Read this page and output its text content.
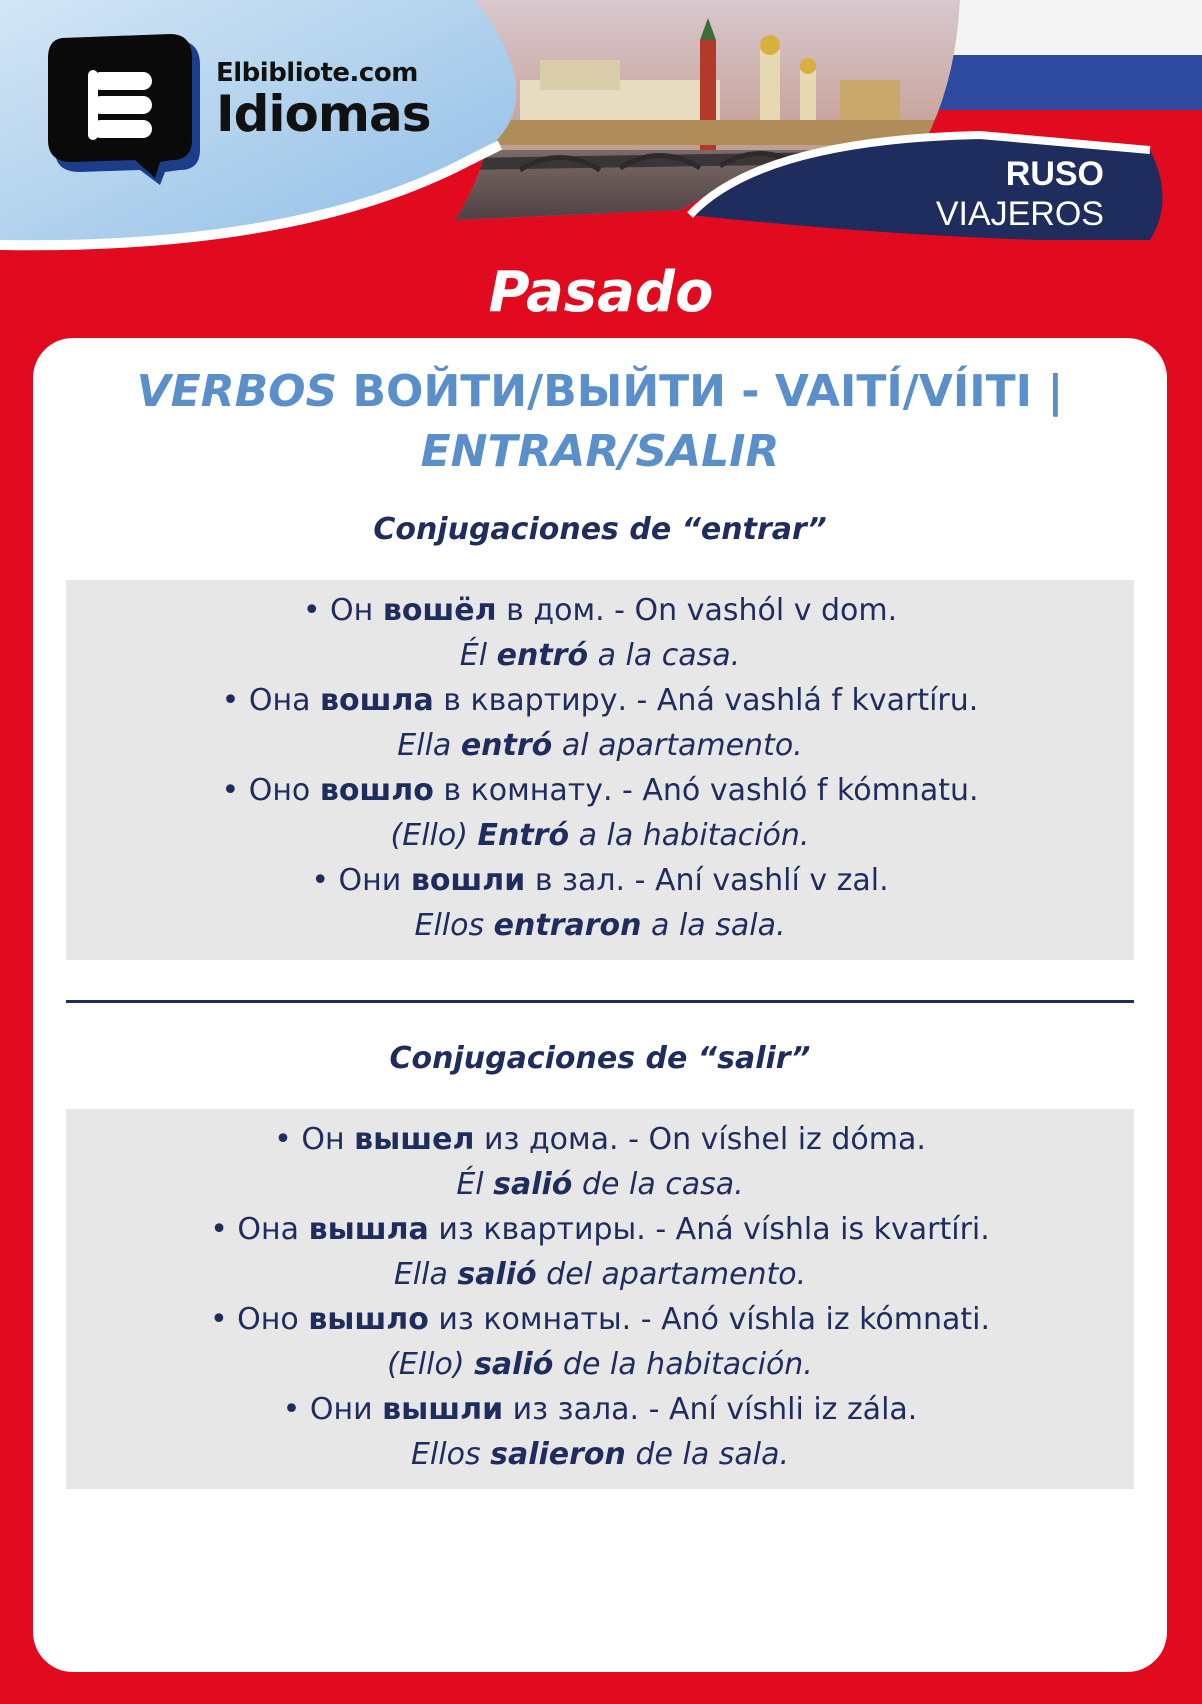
Elbibliote.com
Idiomas
RUSO
VIAJEROS
Pasado
VERBOS ВОЙТИ/ВЫЙТИ - VAITÍ/VÍITI |
ENTRAR/SALIR
Conjugaciones de “entrar”
• Он вошёл в дом. - On vashól v dom.
Él entró a la casa.
• Она вошла в квартиру. - Aná vashlá f kvartíru.
Ella entró al apartamento.
• Оно вошло в комнату. - Anó vashló f kómnatu.
(Ello) Entró a la habitación.
• Они вошли в зал. - Aní vashlí v zal.
Ellos entraron a la sala.
Conjugaciones de “salir”
• Он вышел из дома. - On víshel iz dóma.
Él salió de la casa.
• Она вышла из квартиры. - Aná víshla is kvartíri.
Ella salió del apartamento.
• Оно вышло из комнаты. - Anó víshla iz kómnati.
(Ello) salió de la habitación.
• Они вышли из зала. - Aní víshli iz zála.
Ellos salieron de la sala.
